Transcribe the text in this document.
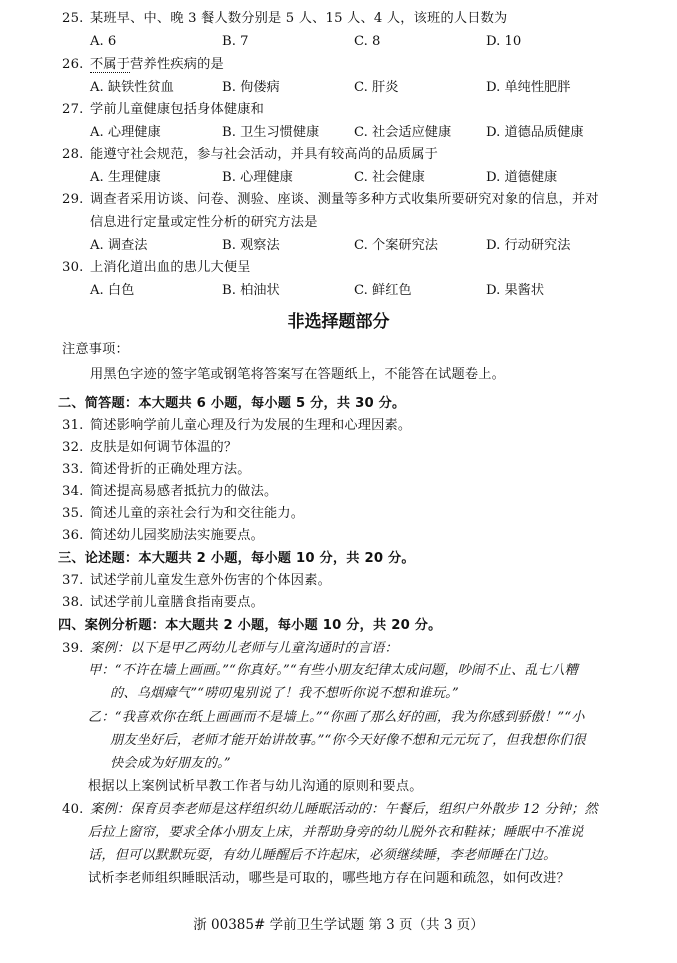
25. 某班早、中、晚 3 餐人数分别是 5 人、15 人、4 人，该班的人日数为
A. 6	B. 7	C. 8	D. 10
26. 不属于营养性疾病的是
A. 缺铁性贫血	B. 佝偻病	C. 肝炎	D. 单纯性肥胖
27. 学前儿童健康包括身体健康和
A. 心理健康	B. 卫生习惯健康	C. 社会适应健康	D. 道德品质健康
28. 能遵守社会规范，参与社会活动，并具有较高尚的品质属于
A. 生理健康	B. 心理健康	C. 社会健康	D. 道德健康
29. 调查者采用访谈、问卷、测验、座谈、测量等多种方式收集所要研究对象的信息，并对
信息进行定量或定性分析的研究方法是
A. 调查法	B. 观察法	C. 个案研究法	D. 行动研究法
30. 上消化道出血的患儿大便呈
A. 白色	B. 柏油状	C. 鲜红色	D. 果酱状
非选择题部分
注意事项：
用黑色字迹的签字笔或钢笔将答案写在答题纸上，不能答在试题卷上。
二、简答题：本大题共 6 小题，每小题 5 分，共 30 分。
31. 简述影响学前儿童心理及行为发展的生理和心理因素。
32. 皮肤是如何调节体温的？
33. 简述骨折的正确处理方法。
34. 简述提高易感者抵抗力的做法。
35. 简述儿童的亲社会行为和交往能力。
36. 简述幼儿园奖励法实施要点。
三、论述题：本大题共 2 小题，每小题 10 分，共 20 分。
37. 试述学前儿童发生意外伤害的个体因素。
38. 试述学前儿童膳食指南要点。
四、案例分析题：本大题共 2 小题，每小题 10 分，共 20 分。
39. 案例：以下是甲乙两幼儿老师与儿童沟通时的言语：
甲：“不许在墙上画画。”“你真好。”“有些小朋友纪律太成问题，吵闹不止、乱七八糟
的、乌烟瘴气”“唠叨鬼别说了！我不想听你说不想和谁玩。”
乙：“我喜欢你在纸上画画而不是墙上。”“你画了那么好的画，我为你感到骄傲！”“小
朋友坐好后，老师才能开始讲故事。”“你今天好像不想和元元玩了，但我想你们很
快会成为好朋友的。”
根据以上案例试析早教工作者与幼儿沟通的原则和要点。
40. 案例：保育员李老师是这样组织幼儿睡眠活动的：午餐后，组织户外散步 12 分钟；然
后拉上窗帘，要求全体小朋友上床，并帮助身旁的幼儿脱外衣和鞋袜；睡眠中不准说
话，但可以默默玩耍，有幼儿睡醒后不许起床，必须继续睡，李老师睡在门边。
试析李老师组织睡眠活动，哪些是可取的，哪些地方存在问题和疏忽，如何改进？
浙 00385# 学前卫生学试题 第 3 页（共 3 页）
